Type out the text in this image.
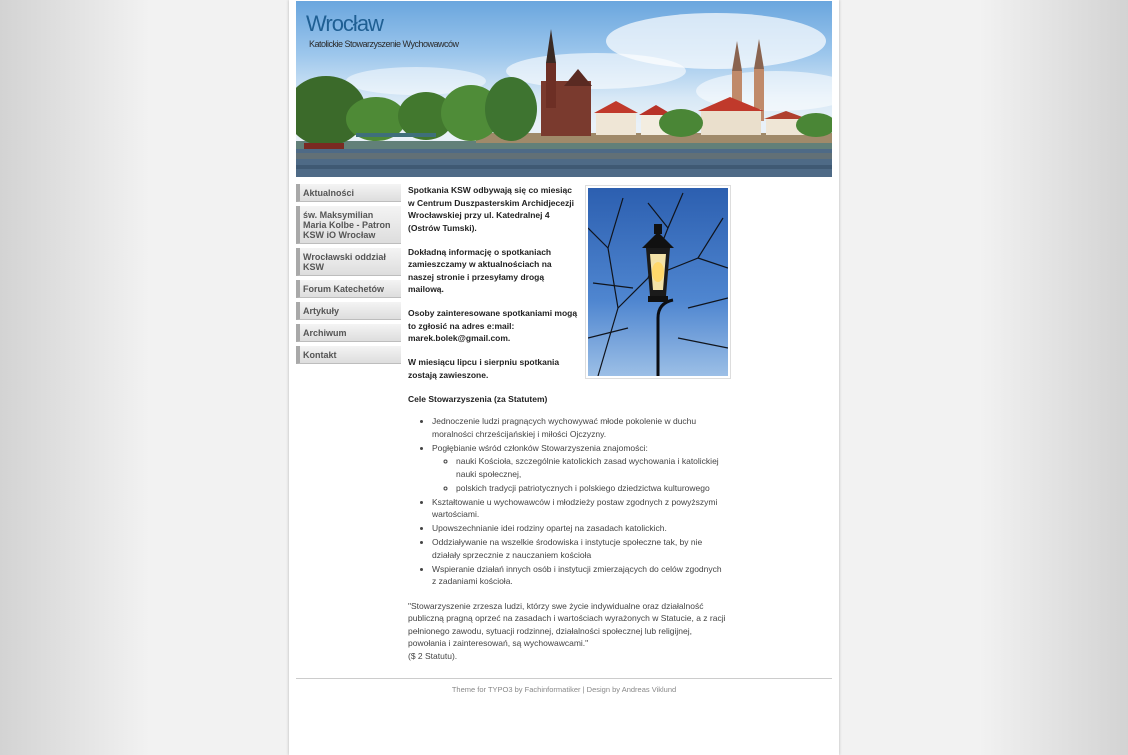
Wrocław
Katolickie Stowarzyszenie Wychowawców
Aktualności
św. Maksymilian Maria Kolbe - Patron KSW iO Wrocław
Wrocławski oddział KSW
Forum Katechetów
Artykuły
Archiwum
Kontakt

Spotkania KSW odbywają się co miesiąc w Centrum Duszpasterskim Archidjecezji Wrocławskiej przy ul. Katedralnej 4 (Ostrów Tumski).

Dokładną informację o spotkaniach zamieszczamy w aktualnościach na naszej stronie i przesyłamy drogą mailową.

Osoby zainteresowane spotkaniami mogą to zgłosić na adres e:mail: marek.bolek@gmail.com.

W miesiącu lipcu i sierpniu spotkania zostają zawieszone.

Cele Stowarzyszenia (za Statutem)

• Jednoczenie ludzi pragnących wychowywać młode pokolenie w duchu moralności chrześcijańskiej i miłości Ojczyzny.
• Pogłębianie wśród członków Stowarzyszenia znajomości:
◦ nauki Kościoła, szczególnie katolickich zasad wychowania i katolickiej nauki społecznej,
◦ polskich tradycji patriotycznych i polskiego dziedzictwa kulturowego
• Kształtowanie u wychowawców i młodzieży postaw zgodnych z powyższymi wartościami.
• Upowszechnianie idei rodziny opartej na zasadach katolickich.
• Oddziaływanie na wszelkie środowiska i instytucje społeczne tak, by nie działały sprzecznie z nauczaniem kościoła
• Wspieranie działań innych osób i instytucji zmierzających do celów zgodnych z zadaniami kościoła.
"Stowarzyszenie zrzesza ludzi, którzy swe życie indywidualne oraz działalność publiczną pragną oprzeć na zasadach i wartościach wyrażonych w Statucie, a z racji pełnionego zawodu, sytuacji rodzinnej, działalności społecznej lub religijnej, powołania i zainteresowań, są wychowawcami."
($ 2 Statutu).
Theme for TYPO3 by Fachinformatiker | Design by Andreas Viklund
